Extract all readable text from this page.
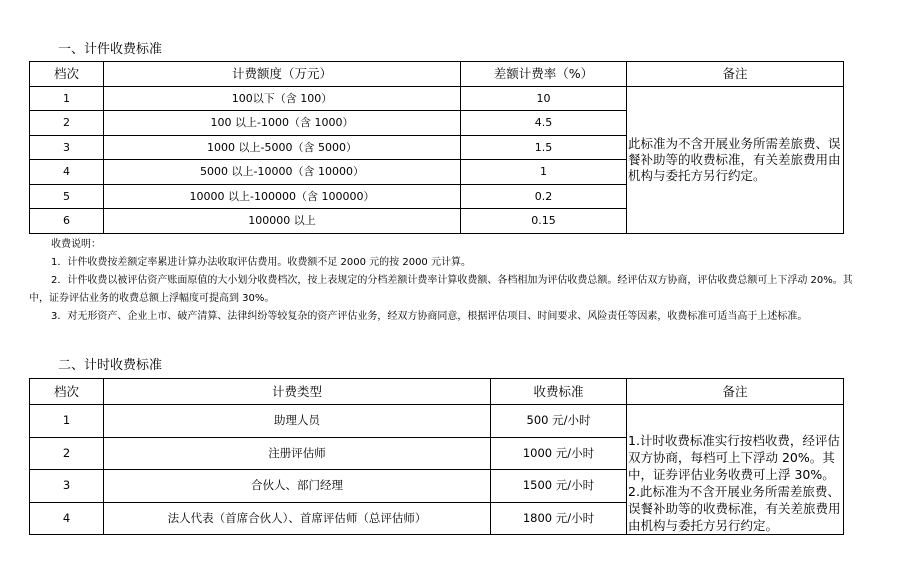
一、计件收费标准
档次	计费额度（万元）	差额计费率（%）	备注
1	100以下（含 100）	10	此标准为不含开展业务所需差旅费、误餐补助等的收费标准，有关差旅费用由机构与委托方另行约定。
2	100 以上-1000（含 1000）	4.5	
3	1000 以上-5000（含 5000）	1.5	
4	5000 以上-10000（含 10000）	1	
5	10000 以上-100000（含 100000）	0.2	
6	100000 以上	0.15	

收费说明：

1．计件收费按差额定率累进计算办法收取评估费用。收费额不足 2000 元的按 2000 元计算。

2．计件收费以被评估资产账面原值的大小划分收费档次，按上表规定的分档差额计费率计算收费额、各档相加为评估收费总额。经评估双方协商，评估收费总额可上下浮动 20%。其中，证券评估业务的收费总额上浮幅度可提高到 30%。

3．对无形资产、企业上市、破产清算、法律纠纷等较复杂的资产评估业务，经双方协商同意，根据评估项目、时间要求、风险责任等因素，收费标准可适当高于上述标准。

二、计时收费标准
档次	计费类型	收费标准	备注
1	助理人员	500 元/小时	1.计时收费标准实行按档收费，经评估双方协商，每档可上下浮动 20%。其中，证券评估业务收费可上浮 30%。2.此标准为不含开展业务所需差旅费、误餐补助等的收费标准，有关差旅费用由机构与委托方另行约定。
2	注册评估师	1000 元/小时	
3	合伙人、部门经理	1500 元/小时	
4	法人代表（首席合伙人）、首席评估师（总评估师）	1800 元/小时	
